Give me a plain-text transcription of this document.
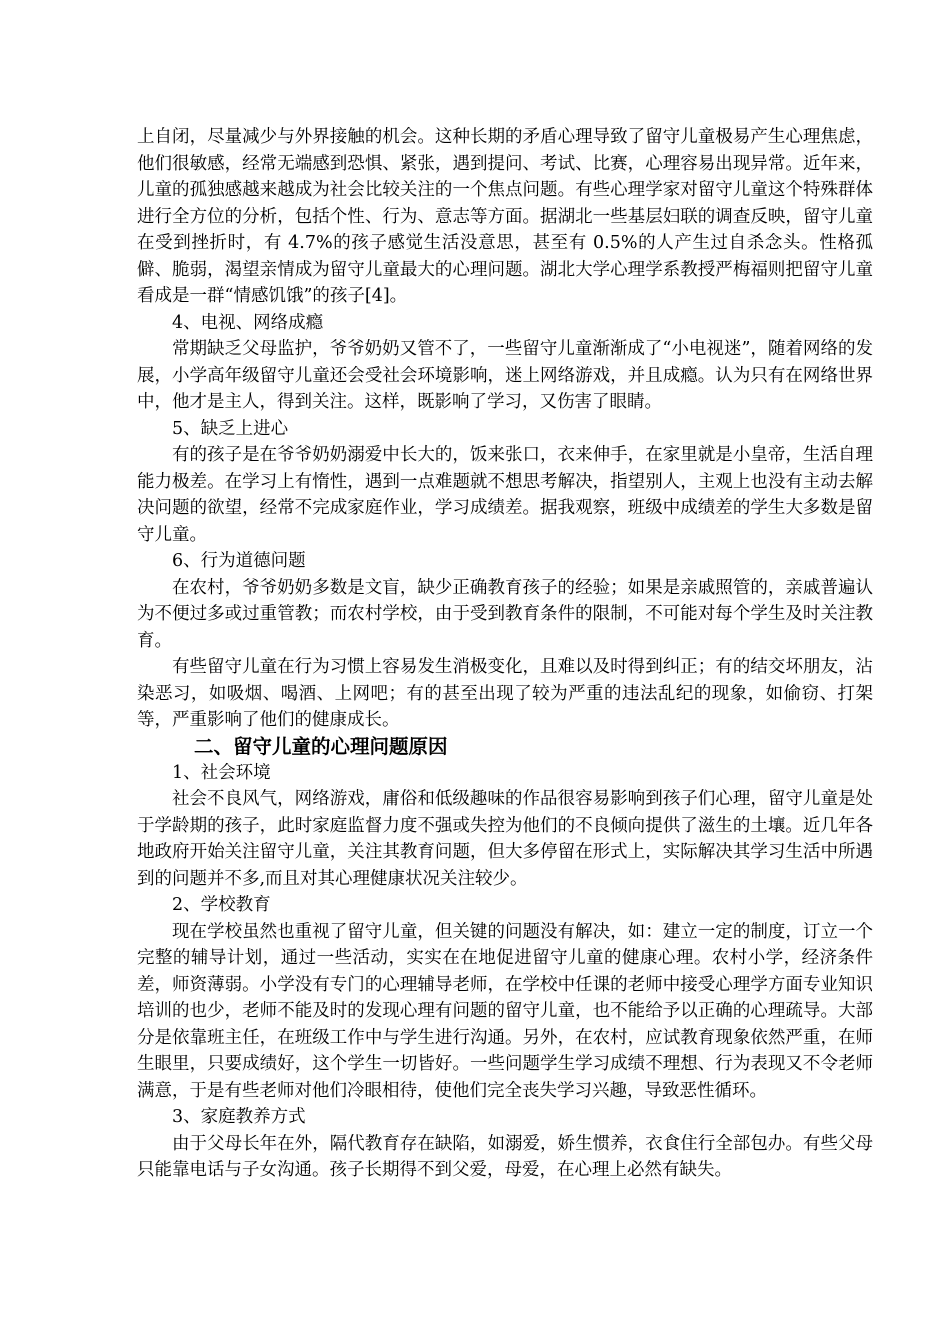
上自闭，尽量减少与外界接触的机会。这种长期的矛盾心理导致了留守儿童极易产生心理焦虑，他们很敏感，经常无端感到恐惧、紧张，遇到提问、考试、比赛，心理容易出现异常。近年来，儿童的孤独感越来越成为社会比较关注的一个焦点问题。有些心理学家对留守儿童这个特殊群体进行全方位的分析，包括个性、行为、意志等方面。据湖北一些基层妇联的调查反映，留守儿童在受到挫折时，有 4.7%的孩子感觉生活没意思，甚至有 0.5%的人产生过自杀念头。性格孤僻、脆弱，渴望亲情成为留守儿童最大的心理问题。湖北大学心理学系教授严梅福则把留守儿童看成是一群“情感饥饿”的孩子[4]。

4、电视、网络成瘾

常期缺乏父母监护，爷爷奶奶又管不了，一些留守儿童渐渐成了“小电视迷”，随着网络的发展，小学高年级留守儿童还会受社会环境影响，迷上网络游戏，并且成瘾。认为只有在网络世界中，他才是主人，得到关注。这样，既影响了学习，又伤害了眼睛。

5、缺乏上进心

有的孩子是在爷爷奶奶溺爱中长大的，饭来张口，衣来伸手，在家里就是小皇帝，生活自理能力极差。在学习上有惰性，遇到一点难题就不想思考解决，指望别人，主观上也没有主动去解决问题的欲望，经常不完成家庭作业，学习成绩差。据我观察，班级中成绩差的学生大多数是留守儿童。

6、行为道德问题

在农村，爷爷奶奶多数是文盲，缺少正确教育孩子的经验；如果是亲戚照管的，亲戚普遍认为不便过多或过重管教；而农村学校，由于受到教育条件的限制，不可能对每个学生及时关注教育。

有些留守儿童在行为习惯上容易发生消极变化，且难以及时得到纠正；有的结交坏朋友，沾染恶习，如吸烟、喝酒、上网吧；有的甚至出现了较为严重的违法乱纪的现象，如偷窃、打架等，严重影响了他们的健康成长。

二、留守儿童的心理问题原因

1、社会环境

社会不良风气，网络游戏，庸俗和低级趣味的作品很容易影响到孩子们心理，留守儿童是处于学龄期的孩子，此时家庭监督力度不强或失控为他们的不良倾向提供了滋生的土壤。近几年各地政府开始关注留守儿童，关注其教育问题，但大多停留在形式上，实际解决其学习生活中所遇到的问题并不多,而且对其心理健康状况关注较少。

2、学校教育

现在学校虽然也重视了留守儿童，但关键的问题没有解决，如：建立一定的制度，订立一个完整的辅导计划，通过一些活动，实实在在地促进留守儿童的健康心理。农村小学，经济条件差，师资薄弱。小学没有专门的心理辅导老师，在学校中任课的老师中接受心理学方面专业知识培训的也少，老师不能及时的发现心理有问题的留守儿童，也不能给予以正确的心理疏导。大部分是依靠班主任，在班级工作中与学生进行沟通。另外，在农村，应试教育现象依然严重，在师生眼里，只要成绩好，这个学生一切皆好。一些问题学生学习成绩不理想、行为表现又不令老师满意，于是有些老师对他们冷眼相待，使他们完全丧失学习兴趣，导致恶性循环。

3、家庭教养方式

由于父母长年在外，隔代教育存在缺陷，如溺爱，娇生惯养，衣食住行全部包办。有些父母只能靠电话与子女沟通。孩子长期得不到父爱，母爱，在心理上必然有缺失。
